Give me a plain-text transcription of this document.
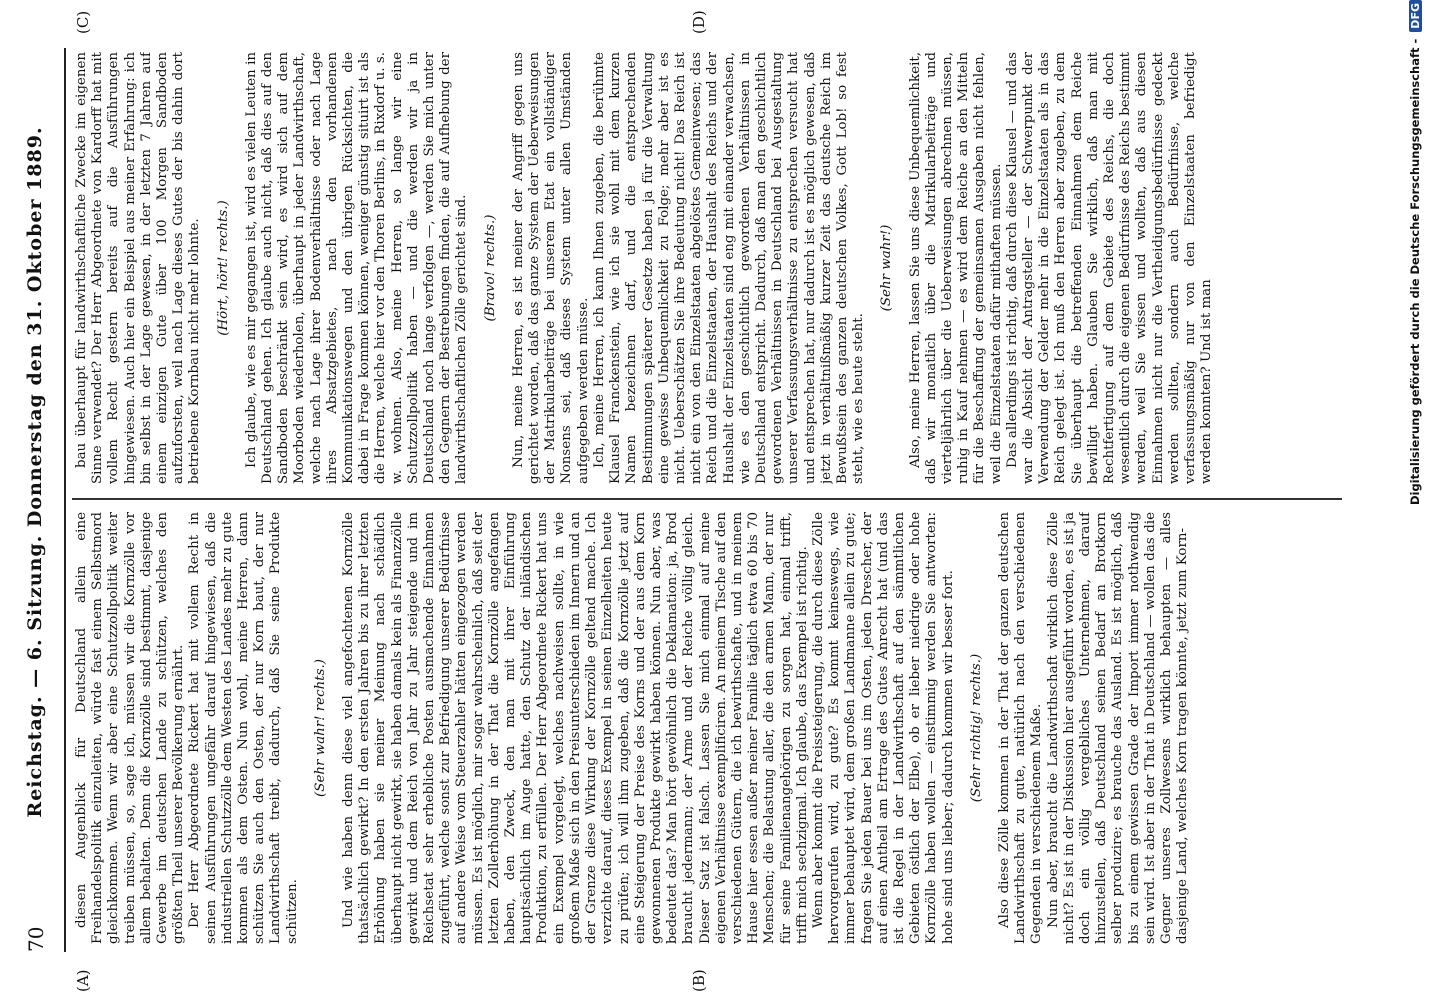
70
Reichstag. — 6. Sitzung. Donnerstag den 31. Oktober 1889.
(A)	(B)
(C)	(D)

diesen Augenblick für Deutschland allein eine Freihandelspolitik einzuleiten, würde fast einem Selbstmord gleichkommen. Wenn wir aber eine Schutzzollpolitik weiter treiben müssen, so, sage ich, müssen wir die Kornzölle vor allem behalten. Denn die Kornzölle sind bestimmt, dasjenige Gewerbe im deutschen Lande zu schützen, welches den größten Theil unserer Bevölkerung ernährt. Der Herr Abgeordnete Rickert hat mit vollem Recht in seinen Ausführungen ungefähr darauf hingewiesen, daß die industriellen Schutzzölle dem Westen des Landes mehr zu gute kommen als dem Osten. Nun wohl, meine Herren, dann schützen Sie auch den Osten, der nur Korn baut, der nur Landwirthschaft treibt, dadurch, daß Sie seine Produkte schützen.

(Sehr wahr! rechts.) Und wie haben denn diese viel angefochtenen Kornzölle thatsächlich gewirkt? In den ersten Jahren bis zu ihrer letzten Erhöhung haben sie meiner Meinung nach schädlich überhaupt nicht gewirkt, sie haben damals kein als Finanzzölle gewirkt und dem Reich von Jahr zu Jahr steigende und im Reichsetat sehr erhebliche Posten ausmachende Einnahmen zugeführt, welche sonst zur Befriedigung unserer Bedürfnisse auf andere Weise vom Steuerzahler hätten eingezogen werden müssen. Es ist möglich, mir sogar wahrscheinlich, daß seit der letzten Zollerhöhung in der That die Kornzölle angefangen haben, den Zweck, den man mit ihrer Einführung hauptsächlich im Auge hatte, den Schutz der inländischen Produktion, zu erfüllen. Der Herr Abgeordnete Rickert hat uns ein Exempel vorgelegt, welches nachweisen sollte, in wie großem Maße sich in den Preisunterschieden im Innern und an der Grenze diese Wirkung der Kornzölle geltend mache. Ich verzichte darauf, dieses Exempel in seinen Einzelheiten heute zu prüfen; ich will ihm zugeben, daß die Kornzölle jetzt auf eine Steigerung der Preise des Korns und der aus dem Korn gewonnenen Produkte gewirkt haben können. Nun aber, was bedeutet das? Man hört gewöhnlich die Deklamation: ja, Brod braucht jedermann; der Arme und der Reiche völlig gleich. Dieser Satz ist falsch. Lassen Sie mich einmal auf meine eigenen Verhältnisse exemplificiren. An meinem Tische auf den verschiedenen Gütern, die ich bewirthschafte, und in meinem Hause hier essen außer meiner Familie täglich etwa 60 bis 70 Menschen; die Belastung aller, die den armen Mann, der nur für seine Familienangehörigen zu sorgen hat, einmal trifft, trifft mich sechzigmal. Ich glaube, das Exempel ist richtig. Wenn aber kommt die Preissteigerung, die durch diese Zölle hervorgerufen wird, zu gute? Es kommt keineswegs, wie immer behauptet wird, dem großen Landmanne allein zu gute; fragen Sie jeden Bauer bei uns im Osten, jeden Drescher, der auf einen Antheil am Ertrage des Gutes Anrecht hat (und das ist die Regel in der Landwirthschaft auf den sämmtlichen Gebieten östlich der Elbe), ob er lieber niedrige oder hohe Kornzölle haben wollen — einstimmig werden Sie antworten: hohe sind uns lieber; dadurch kommen wir besser fort. (Sehr richtig! rechts.) Also diese Zölle kommen in der That der ganzen deutschen Landwirthschaft zu gute, natürlich nach den verschiedenen Gegenden in verschiedenem Maße. Nun aber, braucht die Landwirthschaft wirklich diese Zölle nicht? Es ist in der Diskussion hier ausgeführt worden, es ist ja doch ein völlig vergebliches Unternehmen, darauf hinzustellen, daß Deutschland seinen Bedarf an Brotkorn selber produzire; es brauche das Ausland. Es ist möglich, daß bis zu einem gewissen Grade der Import immer nothwendig sein wird. Ist aber in der That in Deutschland — wollen das die Gegner unseres Zollwesens wirklich behaupten — alles dasjenige Land, welches Korn tragen könnte, jetzt zum Korn-

bau überhaupt für landwirthschaftliche Zwecke im eigenen Sinne verwendet? Der Herr Abgeordnete von Kardorff hat mit vollem Recht gestern bereits auf die Ausführungen hingewiesen. Auch hier ein Beispiel aus meiner Erfahrung: ich bin selbst in der Lage gewesen, in der letzten 7 Jahren auf einem einzigen Gute über 100 Morgen Sandboden aufzuforsten, weil nach Lage dieses Gutes der bis dahin dort betriebene Kornbau nicht mehr lohnte. (Hört, hört! rechts.) Ich glaube, wie es mir gegangen ist, wird es vielen Leuten in Deutschland gehen. Ich glaube auch nicht, daß dies auf den Sandboden beschränkt sein wird, es wird sich auf dem Moorboden wiederholen, überhaupt in jeder Landwirthschaft, welche nach Lage ihrer Bodenverhältnisse oder nach Lage ihres Absatzgebietes, nach den vorhandenen Kommunikationswegen und den übrigen Rücksichten, die dabei in Frage kommen können, weniger günstig situirt ist als die Herren, welche hier vor den Thoren Berlins, in Rixdorf u. s. w. wohnen. Also, meine Herren, so lange wir eine Schutzzollpolitik haben — und die werden wir ja in Deutschland noch lange verfolgen —, werden Sie mich unter den Gegnern der Bestrebungen finden, die auf Aufhebung der landwirthschaftlichen Zölle gerichtet sind. (Bravo! rechts.) Nun, meine Herren, es ist meiner der Angriff gegen uns gerichtet worden, daß das ganze System der Ueberweisungen der Matrikularbeiträge bei unserem Etat ein vollständiger Nonsens sei, daß dieses System unter allen Umständen aufgegeben werden müsse. Ich, meine Herren, ich kann Ihnen zugeben, die berühmte Klausel Franckenstein, wie ich sie wohl mit dem kurzen Namen bezeichnen darf, und die entsprechenden Bestimmungen späterer Gesetze haben ja für die Verwaltung eine gewisse Unbequemlichkeit zu Folge; mehr aber ist es nicht. Ueberschätzen Sie ihre Bedeutung nicht! Das Reich ist nicht ein von den Einzelstaaten abgelöstes Gemeinwesen; das Reich und die Einzelstaaten, der Haushalt des Reichs und der Haushalt der Einzelstaaten sind eng mit einander verwachsen, wie es den geschichtlich gewordenen Verhältnissen in Deutschland entspricht. Dadurch, daß man den geschichtlich gewordenen Verhältnissen in Deutschland bei Ausgestaltung unserer Verfassungsverhältnisse zu entsprechen versucht hat und entsprechen hat, nur dadurch ist es möglich gewesen, daß jetzt in verhältnißmäßig kurzer Zeit das deutsche Reich im Bewußtsein des ganzen deutschen Volkes, Gott Lob! so fest steht, wie es heute steht.

(Sehr wahr!) Also, meine Herren, lassen Sie uns diese Unbequemlichkeit, daß wir monatlich über die Matrikularbeiträge und vierteljährlich über die Ueberweisungen abrechnen müssen, ruhig in Kauf nehmen — es wird dem Reiche an den Mitteln für die Beschaffung der gemeinsamen Ausgaben nicht fehlen, weil die Einzelstaaten dafür mithaften müssen. Das allerdings ist richtig, daß durch diese Klausel — und das war die Absicht der Antragsteller — der Schwerpunkt der Verwendung der Gelder mehr in die Einzelstaaten als in das Reich gelegt ist. Ich muß den Herren aber zugeben, zu dem Sie überhaupt die betreffenden Einnahmen dem Reiche bewilligt haben. Glauben Sie wirklich, daß man mit Rechtfertigung auf dem Gebiete des Reichs, die doch wesentlich durch die eigenen Bedürfnisse des Reichs bestimmt werden, weil Sie wissen und wollten, daß aus diesen Einnahmen nicht nur die Vertheidigungsbedürfnisse gedeckt werden sollten, sondern auch Bedürfnisse, welche verfassungsmäßig nur von den Einzelstaaten befriedigt werden konnten? Und ist man	Digitalisierung gefördert durch die Deutsche Forschungsgemeinschaft - DFG
